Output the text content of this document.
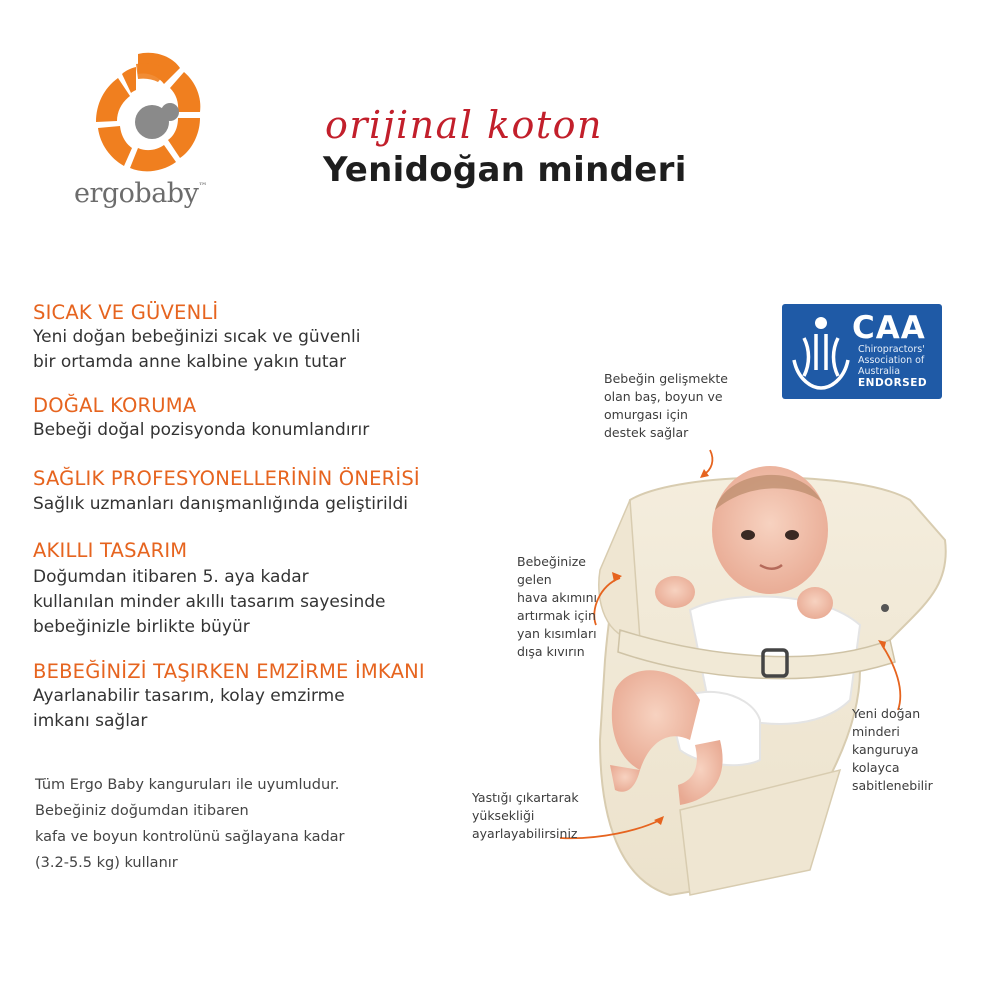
ergobaby™
orijinal koton
Yenidoğan minderi
SICAK VE GÜVENLİ
Yeni doğan bebeğinizi sıcak ve güvenli
bir ortamda anne kalbine yakın tutar
DOĞAL KORUMA
Bebeği doğal pozisyonda konumlandırır
SAĞLIK PROFESYONELLERİNİN ÖNERİSİ
Sağlık uzmanları danışmanlığında geliştirildi
AKILLI TASARIM
Doğumdan itibaren 5. aya kadar
kullanılan minder akıllı tasarım sayesinde
bebeğinizle birlikte büyür
BEBEĞİNİZİ TAŞIRKEN EMZİRME İMKANI
Ayarlanabilir tasarım, kolay emzirme
imkanı sağlar
Tüm Ergo Baby kanguruları ile uyumludur.
Bebeğiniz doğumdan itibaren
kafa ve boyun kontrolünü sağlayana kadar
(3.2-5.5 kg) kullanır
CAA
Chiropractors'
Association of
Australia
ENDORSED
Bebeğin gelişmekte
olan baş, boyun ve
omurgası için
destek sağlar
Bebeğinize
gelen
hava akımını
artırmak için
yan kısımları
dışa kıvırın
Yeni doğan
minderi
kanguruya
kolayca
sabitlenebilir
Yastığı çıkartarak
yüksekliği
ayarlayabilirsiniz
